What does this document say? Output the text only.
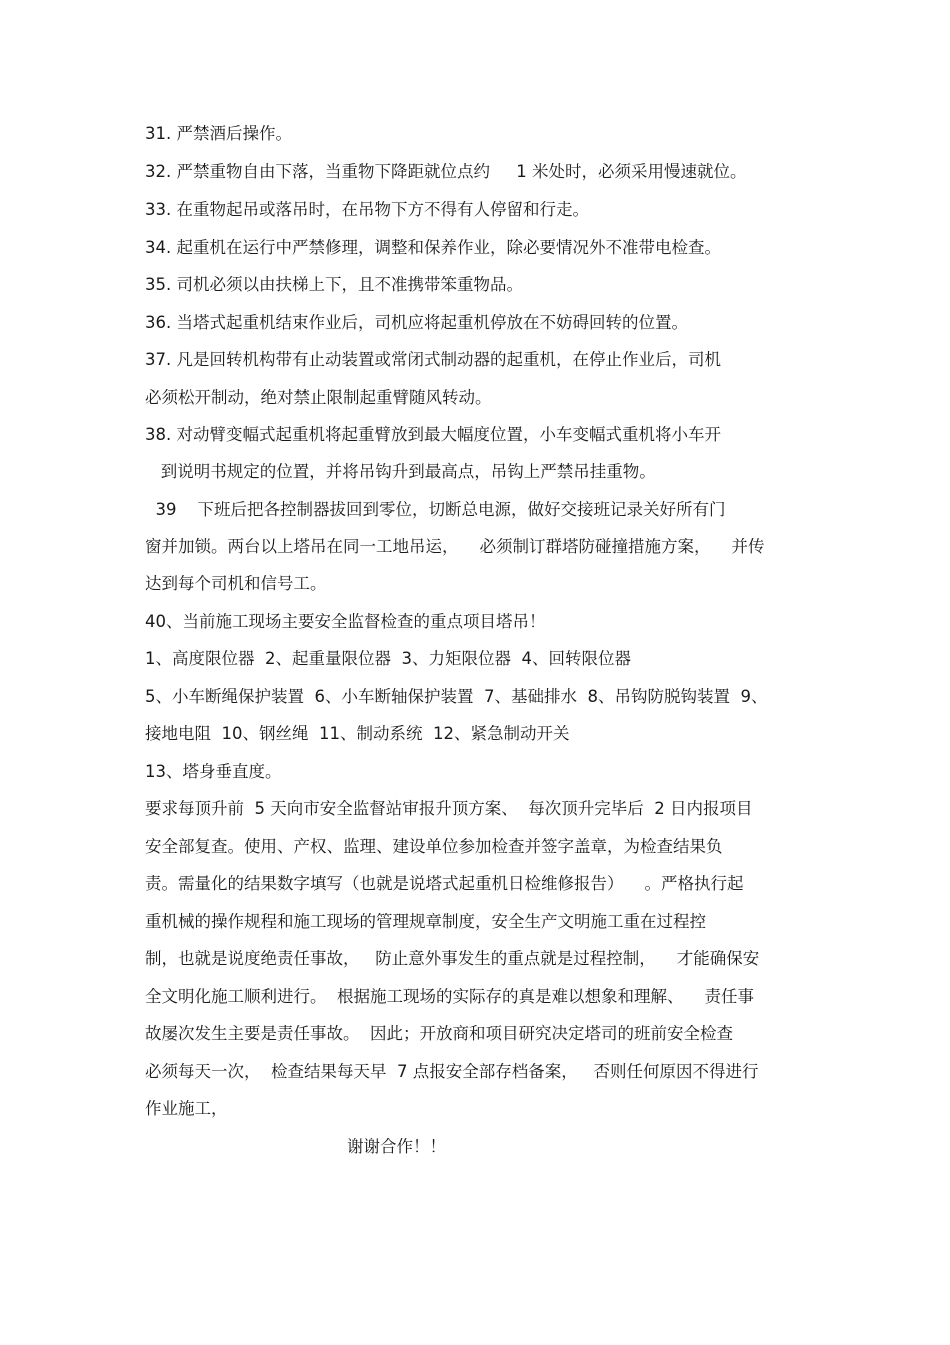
31. 严禁酒后操作。
32. 严禁重物自由下落，当重物下降距就位点约     1 米处时，必须采用慢速就位。
33. 在重物起吊或落吊时，在吊物下方不得有人停留和行走。
34. 起重机在运行中严禁修理，调整和保养作业，除必要情况外不准带电检查。
35. 司机必须以由扶梯上下，且不准携带笨重物品。
36. 当塔式起重机结束作业后，司机应将起重机停放在不妨碍回转的位置。
37. 凡是回转机构带有止动装置或常闭式制动器的起重机，在停止作业后，司机
必须松开制动，绝对禁止限制起重臂随风转动。
38. 对动臂变幅式起重机将起重臂放到最大幅度位置，小车变幅式重机将小车开
到说明书规定的位置，并将吊钩升到最高点，吊钩上严禁吊挂重物。
39    下班后把各控制器拔回到零位，切断总电源，做好交接班记录关好所有门
窗并加锁。两台以上塔吊在同一工地吊运，    必须制订群塔防碰撞措施方案，    并传
达到每个司机和信号工。
40、当前施工现场主要安全监督检查的重点项目塔吊！
1、高度限位器  2、起重量限位器  3、力矩限位器  4、回转限位器
5、小车断绳保护装置  6、小车断轴保护装置  7、基础排水  8、吊钩防脱钩装置  9、
接地电阻  10、钢丝绳  11、制动系统  12、紧急制动开关
13、塔身垂直度。
要求每顶升前  5 天向市安全监督站审报升顶方案、  每次顶升完毕后  2 日内报项目
安全部复查。使用、产权、监理、建设单位参加检查并签字盖章，为检查结果负
责。需量化的结果数字填写（也就是说塔式起重机日检维修报告）    。严格执行起
重机械的操作规程和施工现场的管理规章制度，安全生产文明施工重在过程控
制，也就是说度绝责任事故，   防止意外事发生的重点就是过程控制，    才能确保安
全文明化施工顺利进行。  根据施工现场的实际存的真是难以想象和理解、    责任事
故屡次发生主要是责任事故。  因此；开放商和项目研究决定塔司的班前安全检查
必须每天一次，  检查结果每天早  7 点报安全部存档备案，   否则任何原因不得进行
作业施工，
谢谢合作！！
